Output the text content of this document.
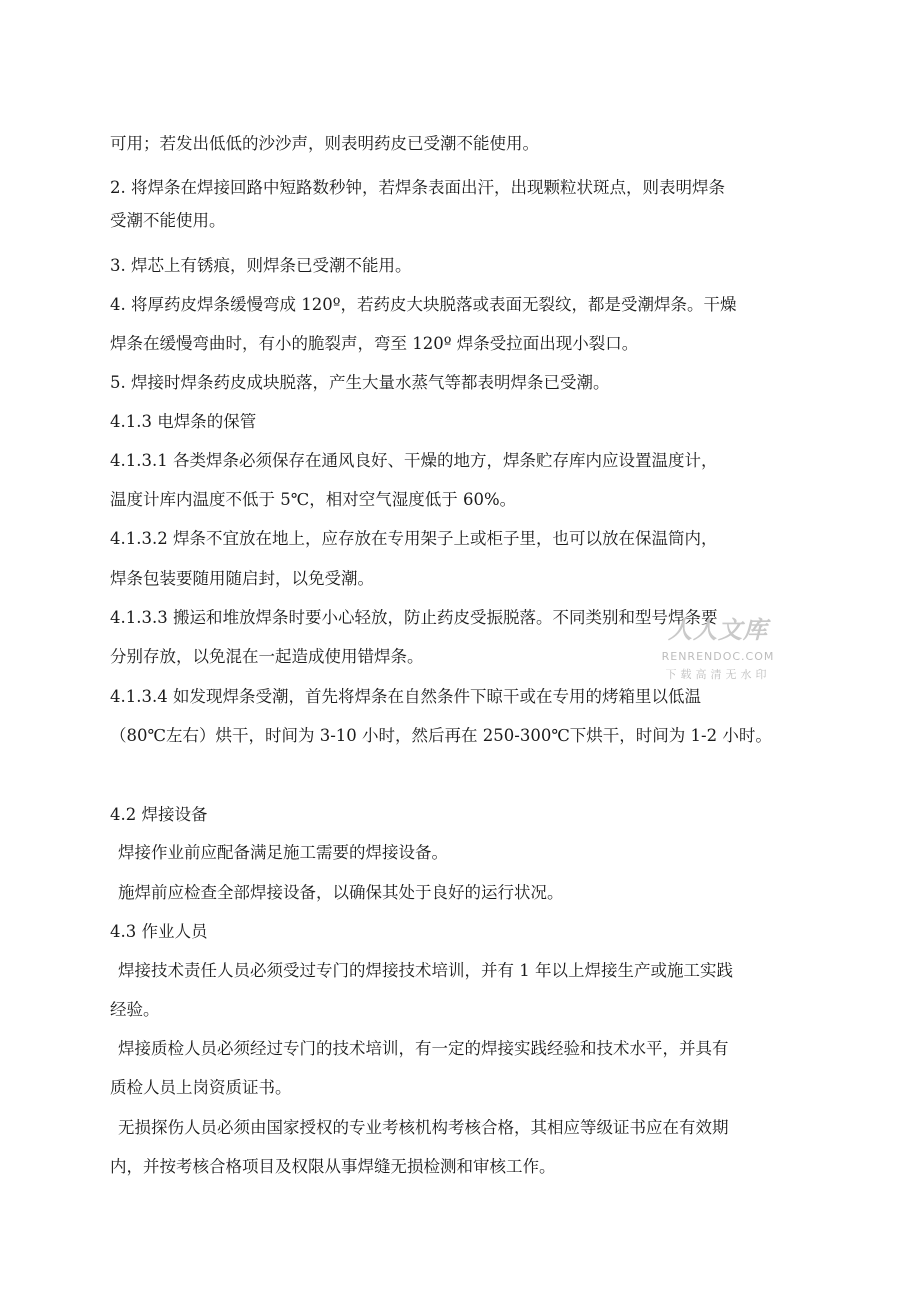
可用；若发出低低的沙沙声，则表明药皮已受潮不能使用。
2. 将焊条在焊接回路中短路数秒钟，若焊条表面出汗，出现颗粒状斑点，则表明焊条
受潮不能使用。
3. 焊芯上有锈痕，则焊条已受潮不能用。
4. 将厚药皮焊条缓慢弯成 120º，若药皮大块脱落或表面无裂纹，都是受潮焊条。干燥
焊条在缓慢弯曲时，有小的脆裂声，弯至 120º 焊条受拉面出现小裂口。
5. 焊接时焊条药皮成块脱落，产生大量水蒸气等都表明焊条已受潮。
4.1.3 电焊条的保管
4.1.3.1 各类焊条必须保存在通风良好、干燥的地方，焊条贮存库内应设置温度计，
温度计库内温度不低于 5℃，相对空气湿度低于 60%。
4.1.3.2 焊条不宜放在地上，应存放在专用架子上或柜子里，也可以放在保温筒内，
焊条包装要随用随启封，以免受潮。
4.1.3.3 搬运和堆放焊条时要小心轻放，防止药皮受振脱落。不同类别和型号焊条要
分别存放，以免混在一起造成使用错焊条。
4.1.3.4 如发现焊条受潮，首先将焊条在自然条件下晾干或在专用的烤箱里以低温
（80℃左右）烘干，时间为 3-10 小时，然后再在 250-300℃下烘干，时间为 1-2 小时。
4.2 焊接设备
焊接作业前应配备满足施工需要的焊接设备。
施焊前应检查全部焊接设备，以确保其处于良好的运行状况。
4.3 作业人员
焊接技术责任人员必须受过专门的焊接技术培训，并有 1 年以上焊接生产或施工实践
经验。
焊接质检人员必须经过专门的技术培训，有一定的焊接实践经验和技术水平，并具有
质检人员上岗资质证书。
无损探伤人员必须由国家授权的专业考核机构考核合格，其相应等级证书应在有效期
内，并按考核合格项目及权限从事焊缝无损检测和审核工作。
人人文库
RENRENDOC.COM
下载高清无水印
